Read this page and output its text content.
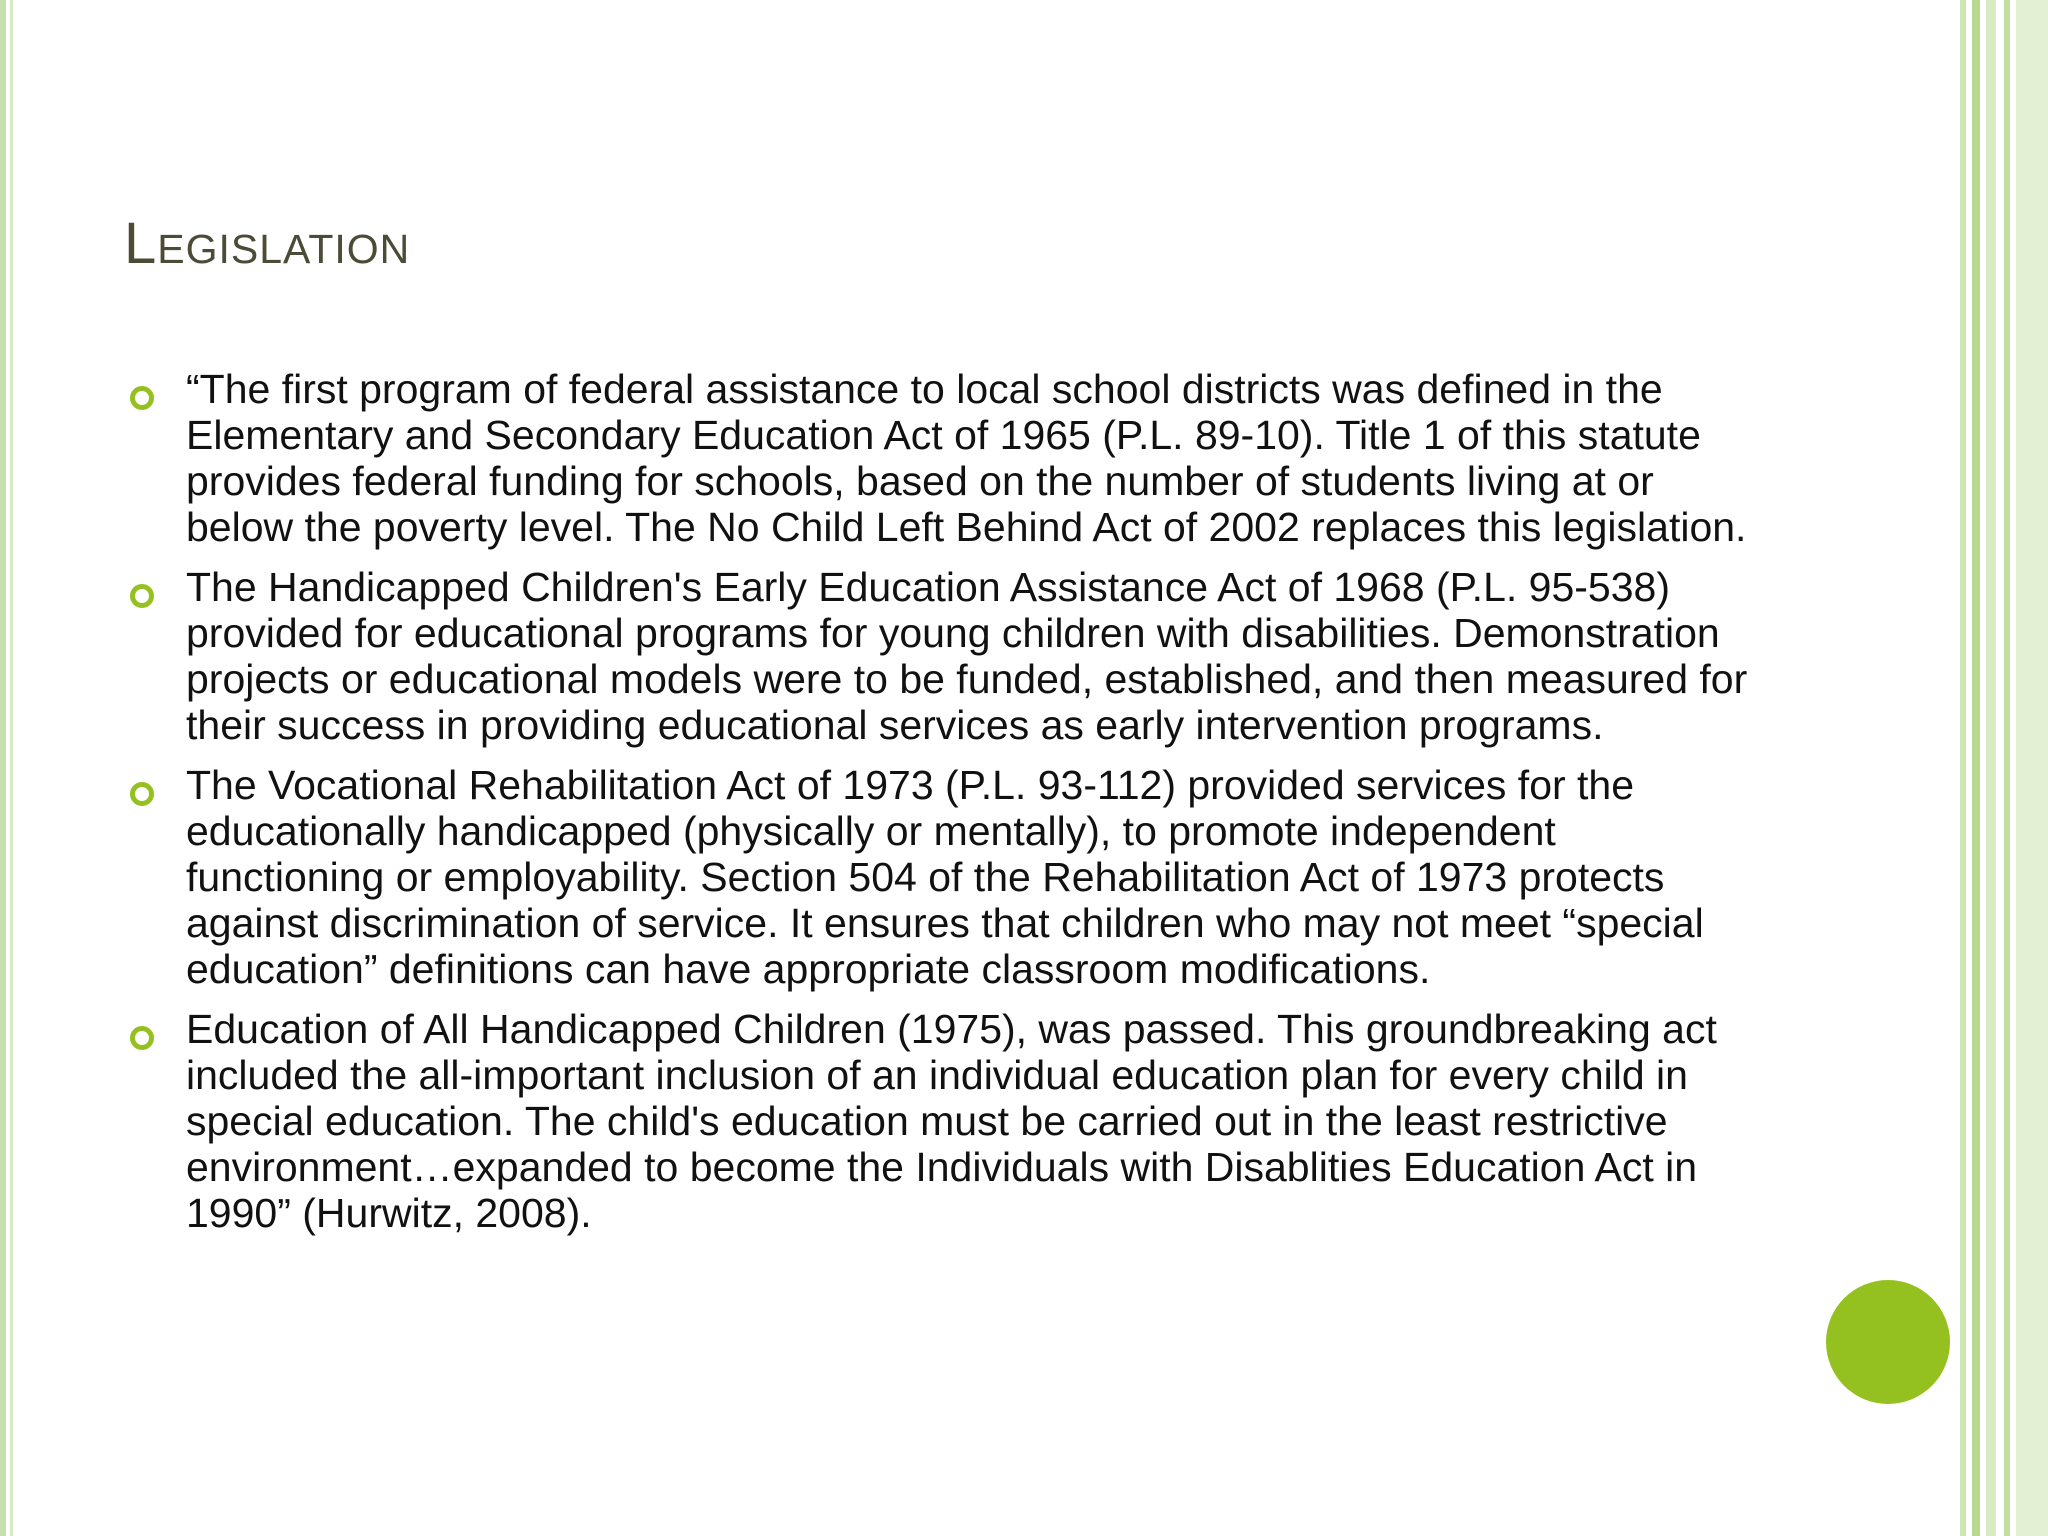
Legislation
“The first program of federal assistance to local school districts was defined in the Elementary and Secondary Education Act of 1965 (P.L. 89-10). Title 1 of this statute provides federal funding for schools, based on the number of students living at or below the poverty level. The No Child Left Behind Act of 2002 replaces this legislation.
The Handicapped Children's Early Education Assistance Act of 1968 (P.L. 95-538) provided for educational programs for young children with disabilities. Demonstration projects or educational models were to be funded, established, and then measured for their success in providing educational services as early intervention programs.
The Vocational Rehabilitation Act of 1973 (P.L. 93-112) provided services for the educationally handicapped (physically or mentally), to promote independent functioning or employability. Section 504 of the Rehabilitation Act of 1973 protects against discrimination of service. It ensures that children who may not meet “special education” definitions can have appropriate classroom modifications.
Education of All Handicapped Children (1975), was passed. This groundbreaking act included the all-important inclusion of an individual education plan for every child in special education. The child's education must be carried out in the least restrictive environment…expanded to become the Individuals with Disablities Education Act in 1990” (Hurwitz, 2008).
